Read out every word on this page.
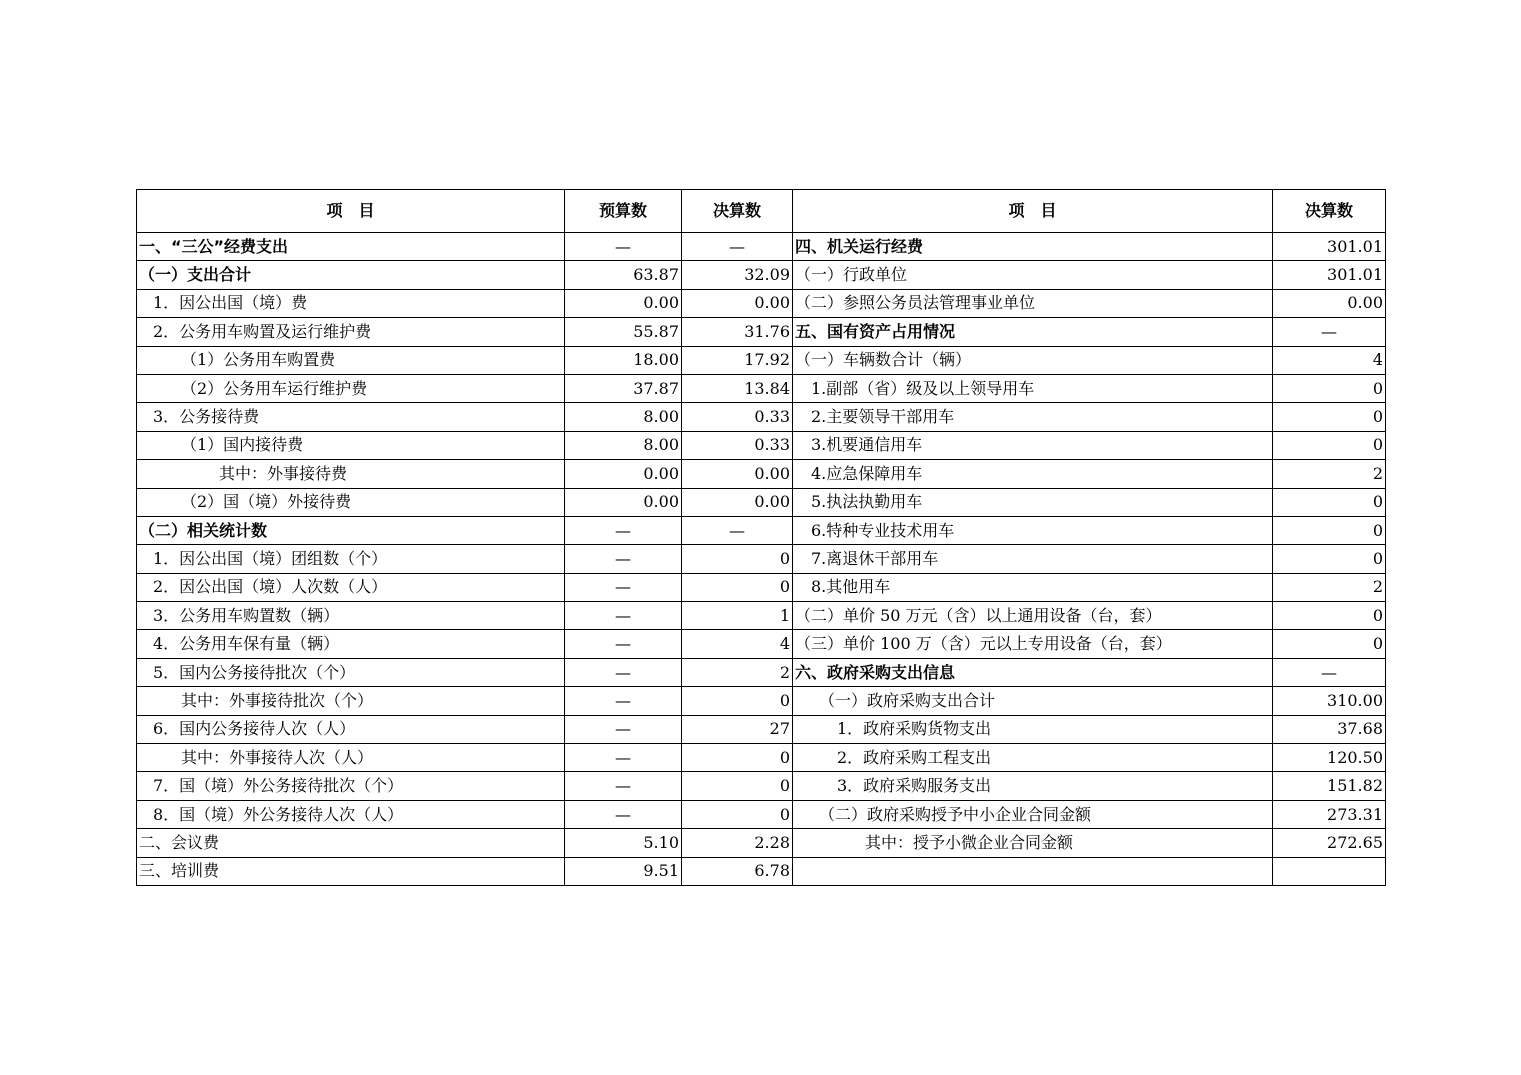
项　目	预算数	决算数	项　目	决算数
一、“三公”经费支出	—	—	四、机关运行经费	301.01
（一）支出合计	63.87	32.09	（一）行政单位	301.01
1．因公出国（境）费	0.00	0.00	（二）参照公务员法管理事业单位	0.00
2．公务用车购置及运行维护费	55.87	31.76	五、国有资产占用情况	—
（1）公务用车购置费	18.00	17.92	（一）车辆数合计（辆）	4
（2）公务用车运行维护费	37.87	13.84	1.副部（省）级及以上领导用车	0
3．公务接待费	8.00	0.33	2.主要领导干部用车	0
（1）国内接待费	8.00	0.33	3.机要通信用车	0
其中：外事接待费	0.00	0.00	4.应急保障用车	2
（2）国（境）外接待费	0.00	0.00	5.执法执勤用车	0
（二）相关统计数	—	—	6.特种专业技术用车	0
1．因公出国（境）团组数（个）	—	0	7.离退休干部用车	0
2．因公出国（境）人次数（人）	—	0	8.其他用车	2
3．公务用车购置数（辆）	—	1	（二）单价 50 万元（含）以上通用设备（台，套）	0
4．公务用车保有量（辆）	—	4	（三）单价 100 万（含）元以上专用设备（台，套）	0
5．国内公务接待批次（个）	—	2	六、政府采购支出信息	—
其中：外事接待批次（个）	—	0	（一）政府采购支出合计	310.00
6．国内公务接待人次（人）	—	27	1．政府采购货物支出	37.68
其中：外事接待人次（人）	—	0	2．政府采购工程支出	120.50
7．国（境）外公务接待批次（个）	—	0	3．政府采购服务支出	151.82
8．国（境）外公务接待人次（人）	—	0	（二）政府采购授予中小企业合同金额	273.31
二、会议费	5.10	2.28	其中：授予小微企业合同金额	272.65
三、培训费	9.51	6.78		
